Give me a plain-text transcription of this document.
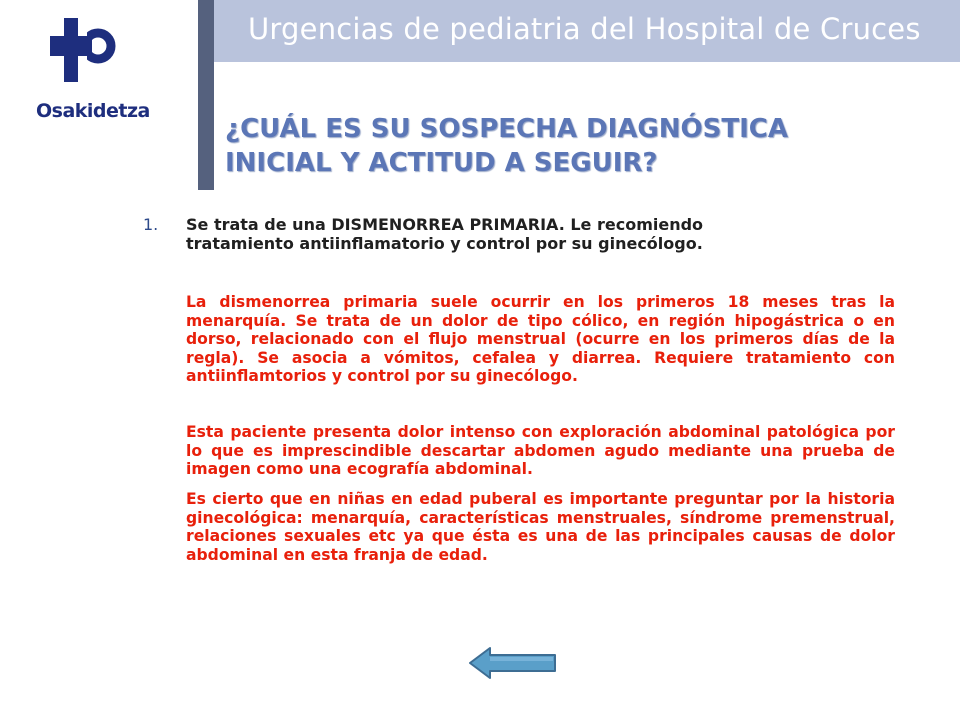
Urgencias de pediatria del Hospital de Cruces
Osakidetza
¿CUÁL ES SU SOSPECHA DIAGNÓSTICA
INICIAL Y ACTITUD A SEGUIR?
1. Se trata de una DISMENORREA PRIMARIA. Le recomiendo
tratamiento antiinflamatorio y control por su ginecólogo.

La dismenorrea primaria suele ocurrir en los primeros 18 meses tras la menarquía. Se trata de un dolor de tipo cólico, en región hipogástrica o en dorso, relacionado con el flujo menstrual (ocurre en los primeros días de la regla). Se asocia a vómitos, cefalea y diarrea. Requiere tratamiento con antiinflamtorios y control por su ginecólogo.

Esta paciente presenta dolor intenso con exploración abdominal patológica por lo que es imprescindible descartar abdomen agudo mediante una prueba de imagen como una ecografía abdominal.

Es cierto que en niñas en edad puberal es importante preguntar por la historia ginecológica: menarquía, características menstruales, síndrome premenstrual, relaciones sexuales etc ya que ésta es una de las principales causas de dolor abdominal en esta franja de edad.
